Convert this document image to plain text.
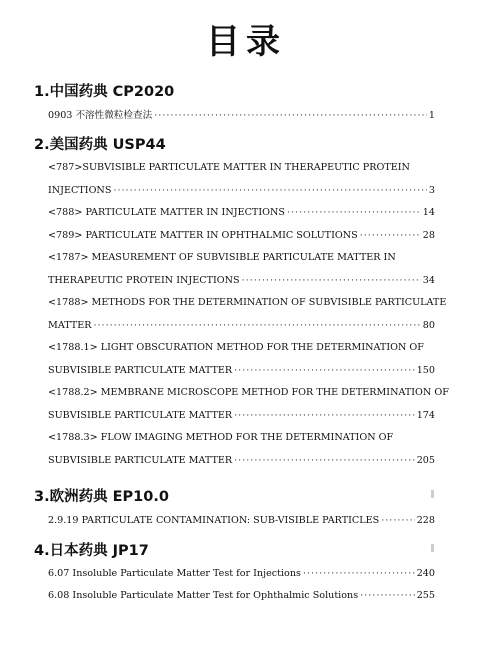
目录
1.中国药典 CP2020
0903 不溶性微粒检查法 ·····	1
2.美国药典 USP44
<787>SUBVISIBLE PARTICULATE MATTER IN THERAPEUTIC PROTEIN
INJECTIONS ·····	3
<788> PARTICULATE MATTER IN INJECTIONS ·····	14
<789> PARTICULATE MATTER IN OPHTHALMIC SOLUTIONS ·····	28
<1787> MEASUREMENT OF SUBVISIBLE PARTICULATE MATTER IN
THERAPEUTIC PROTEIN INJECTIONS ·····	34
<1788> METHODS FOR THE DETERMINATION OF SUBVISIBLE PARTICULATE
MATTER ·····	80
<1788.1> LIGHT OBSCURATION METHOD FOR THE DETERMINATION OF
SUBVISIBLE PARTICULATE MATTER ·····	150
<1788.2> MEMBRANE MICROSCOPE METHOD FOR THE DETERMINATION OF
SUBVISIBLE PARTICULATE MATTER ·····	174
<1788.3> FLOW IMAGING METHOD FOR THE DETERMINATION OF
SUBVISIBLE PARTICULATE MATTER ·····	205
3.欧洲药典 EP10.0
2.9.19 PARTICULATE CONTAMINATION: SUB-VISIBLE PARTICLES ·····	228
4.日本药典 JP17
6.07 Insoluble Particulate Matter Test for Injections ·····	240
6.08 Insoluble Particulate Matter Test for Ophthalmic Solutions ·····	255
